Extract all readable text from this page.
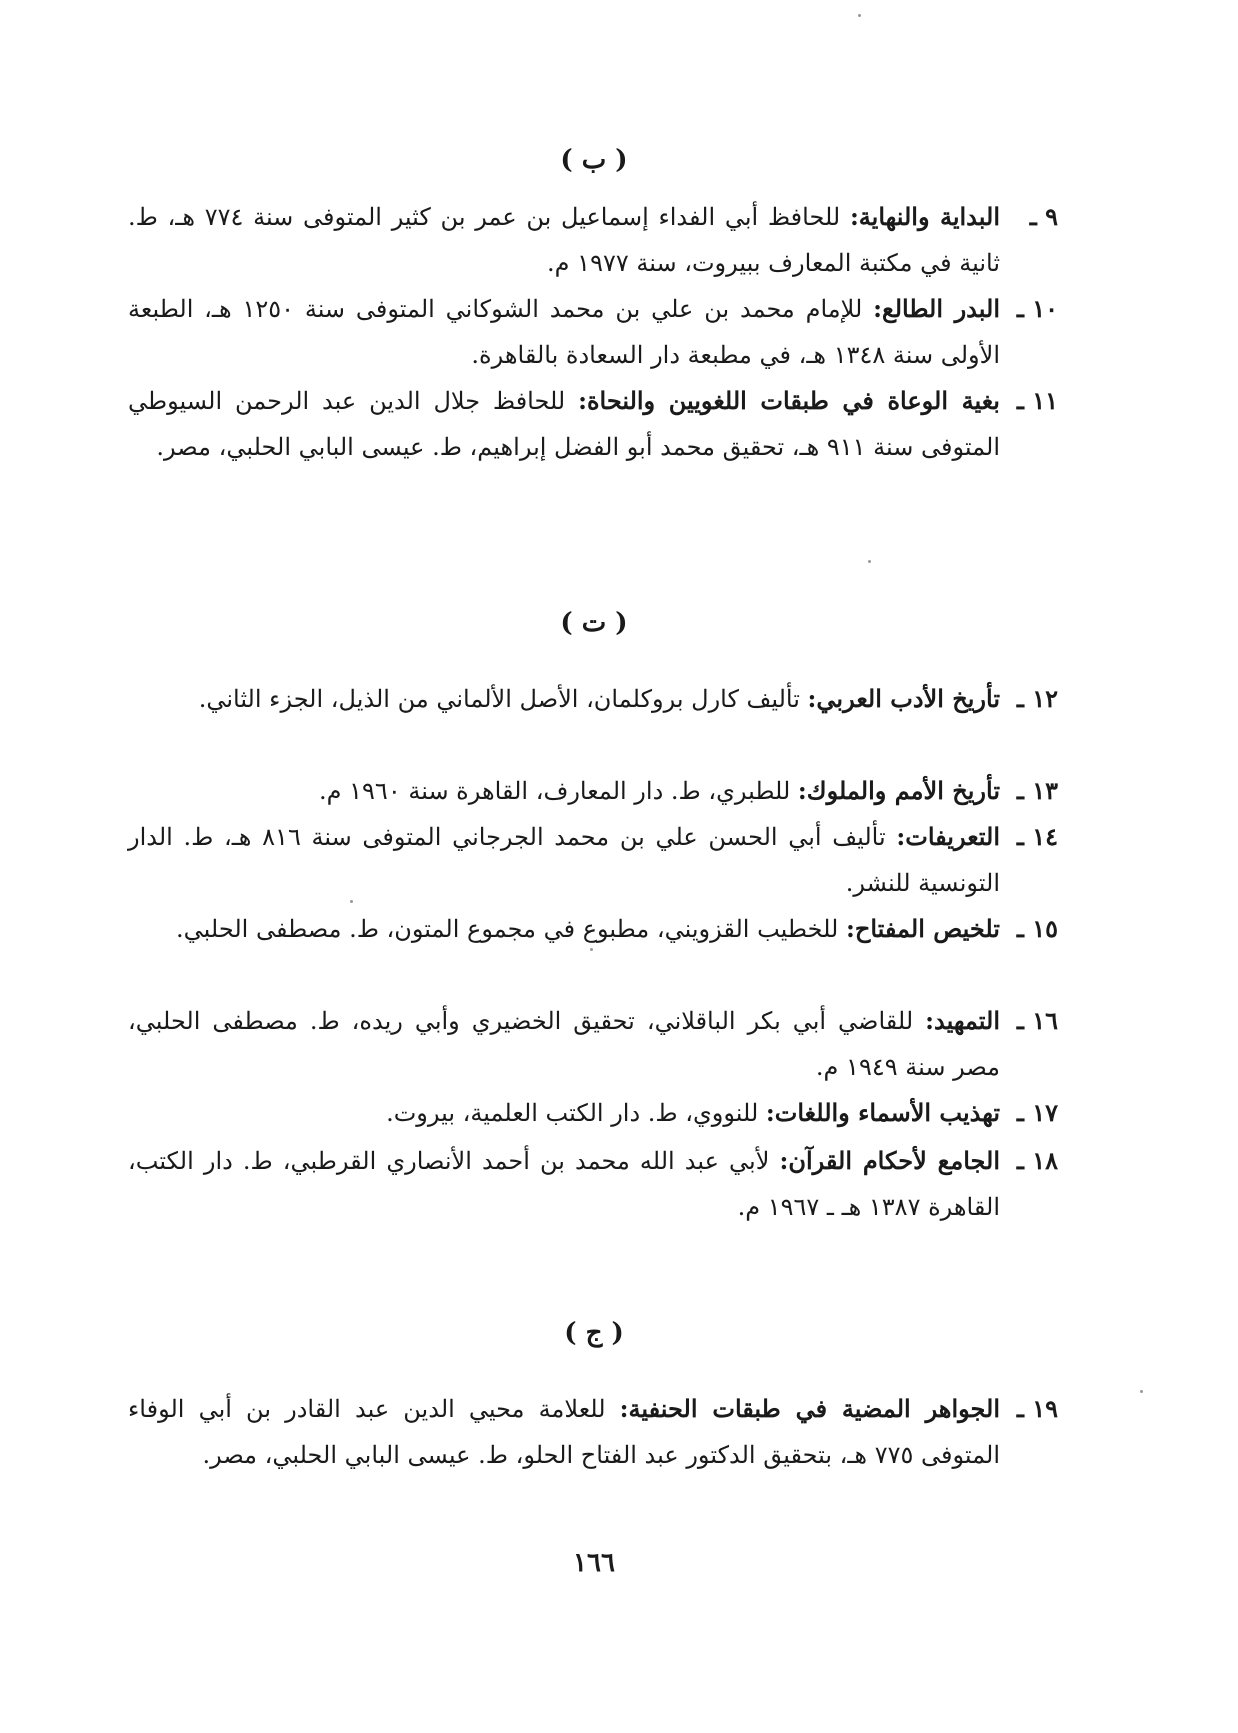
( ب )
٩ ـ
البداية والنهاية: للحافظ أبي الفداء إسماعيل بن عمر بن كثير المتوفى سنة ٧٧٤ هـ، ط. ثانية في مكتبة المعارف ببيروت، سنة ١٩٧٧ م.
١٠ ـ
البدر الطالع: للإمام محمد بن علي بن محمد الشوكاني المتوفى سنة ١٢٥٠ هـ، الطبعة الأولى سنة ١٣٤٨ هـ، في مطبعة دار السعادة بالقاهرة.
١١ ـ
بغية الوعاة في طبقات اللغويين والنحاة: للحافظ جلال الدين عبد الرحمن السيوطي المتوفى سنة ٩١١ هـ، تحقيق محمد أبو الفضل إبراهيم، ط. عيسى البابي الحلبي، مصر.
( ت )
١٢ ـ
تأريخ الأدب العربي: تأليف كارل بروكلمان، الأصل الألماني من الذيل، الجزء الثاني.
١٣ ـ
تأريخ الأمم والملوك: للطبري، ط. دار المعارف، القاهرة سنة ١٩٦٠ م.
١٤ ـ
التعريفات: تأليف أبي الحسن علي بن محمد الجرجاني المتوفى سنة ٨١٦ هـ، ط. الدار التونسية للنشر.
١٥ ـ
تلخيص المفتاح: للخطيب القزويني، مطبوع في مجموع المتون، ط. مصطفى الحلبي.
١٦ ـ
التمهيد: للقاضي أبي بكر الباقلاني، تحقيق الخضيري وأبي ريده، ط. مصطفى الحلبي، مصر سنة ١٩٤٩ م.
١٧ ـ
تهذيب الأسماء واللغات: للنووي، ط. دار الكتب العلمية، بيروت.
١٨ ـ
الجامع لأحكام القرآن: لأبي عبد الله محمد بن أحمد الأنصاري القرطبي، ط. دار الكتب، القاهرة ١٣٨٧ هـ ـ ١٩٦٧ م.
( ج )
١٩ ـ
الجواهر المضية في طبقات الحنفية: للعلامة محيي الدين عبد القادر بن أبي الوفاء المتوفى ٧٧٥ هـ، بتحقيق الدكتور عبد الفتاح الحلو، ط. عيسى البابي الحلبي، مصر.
١٦٦
